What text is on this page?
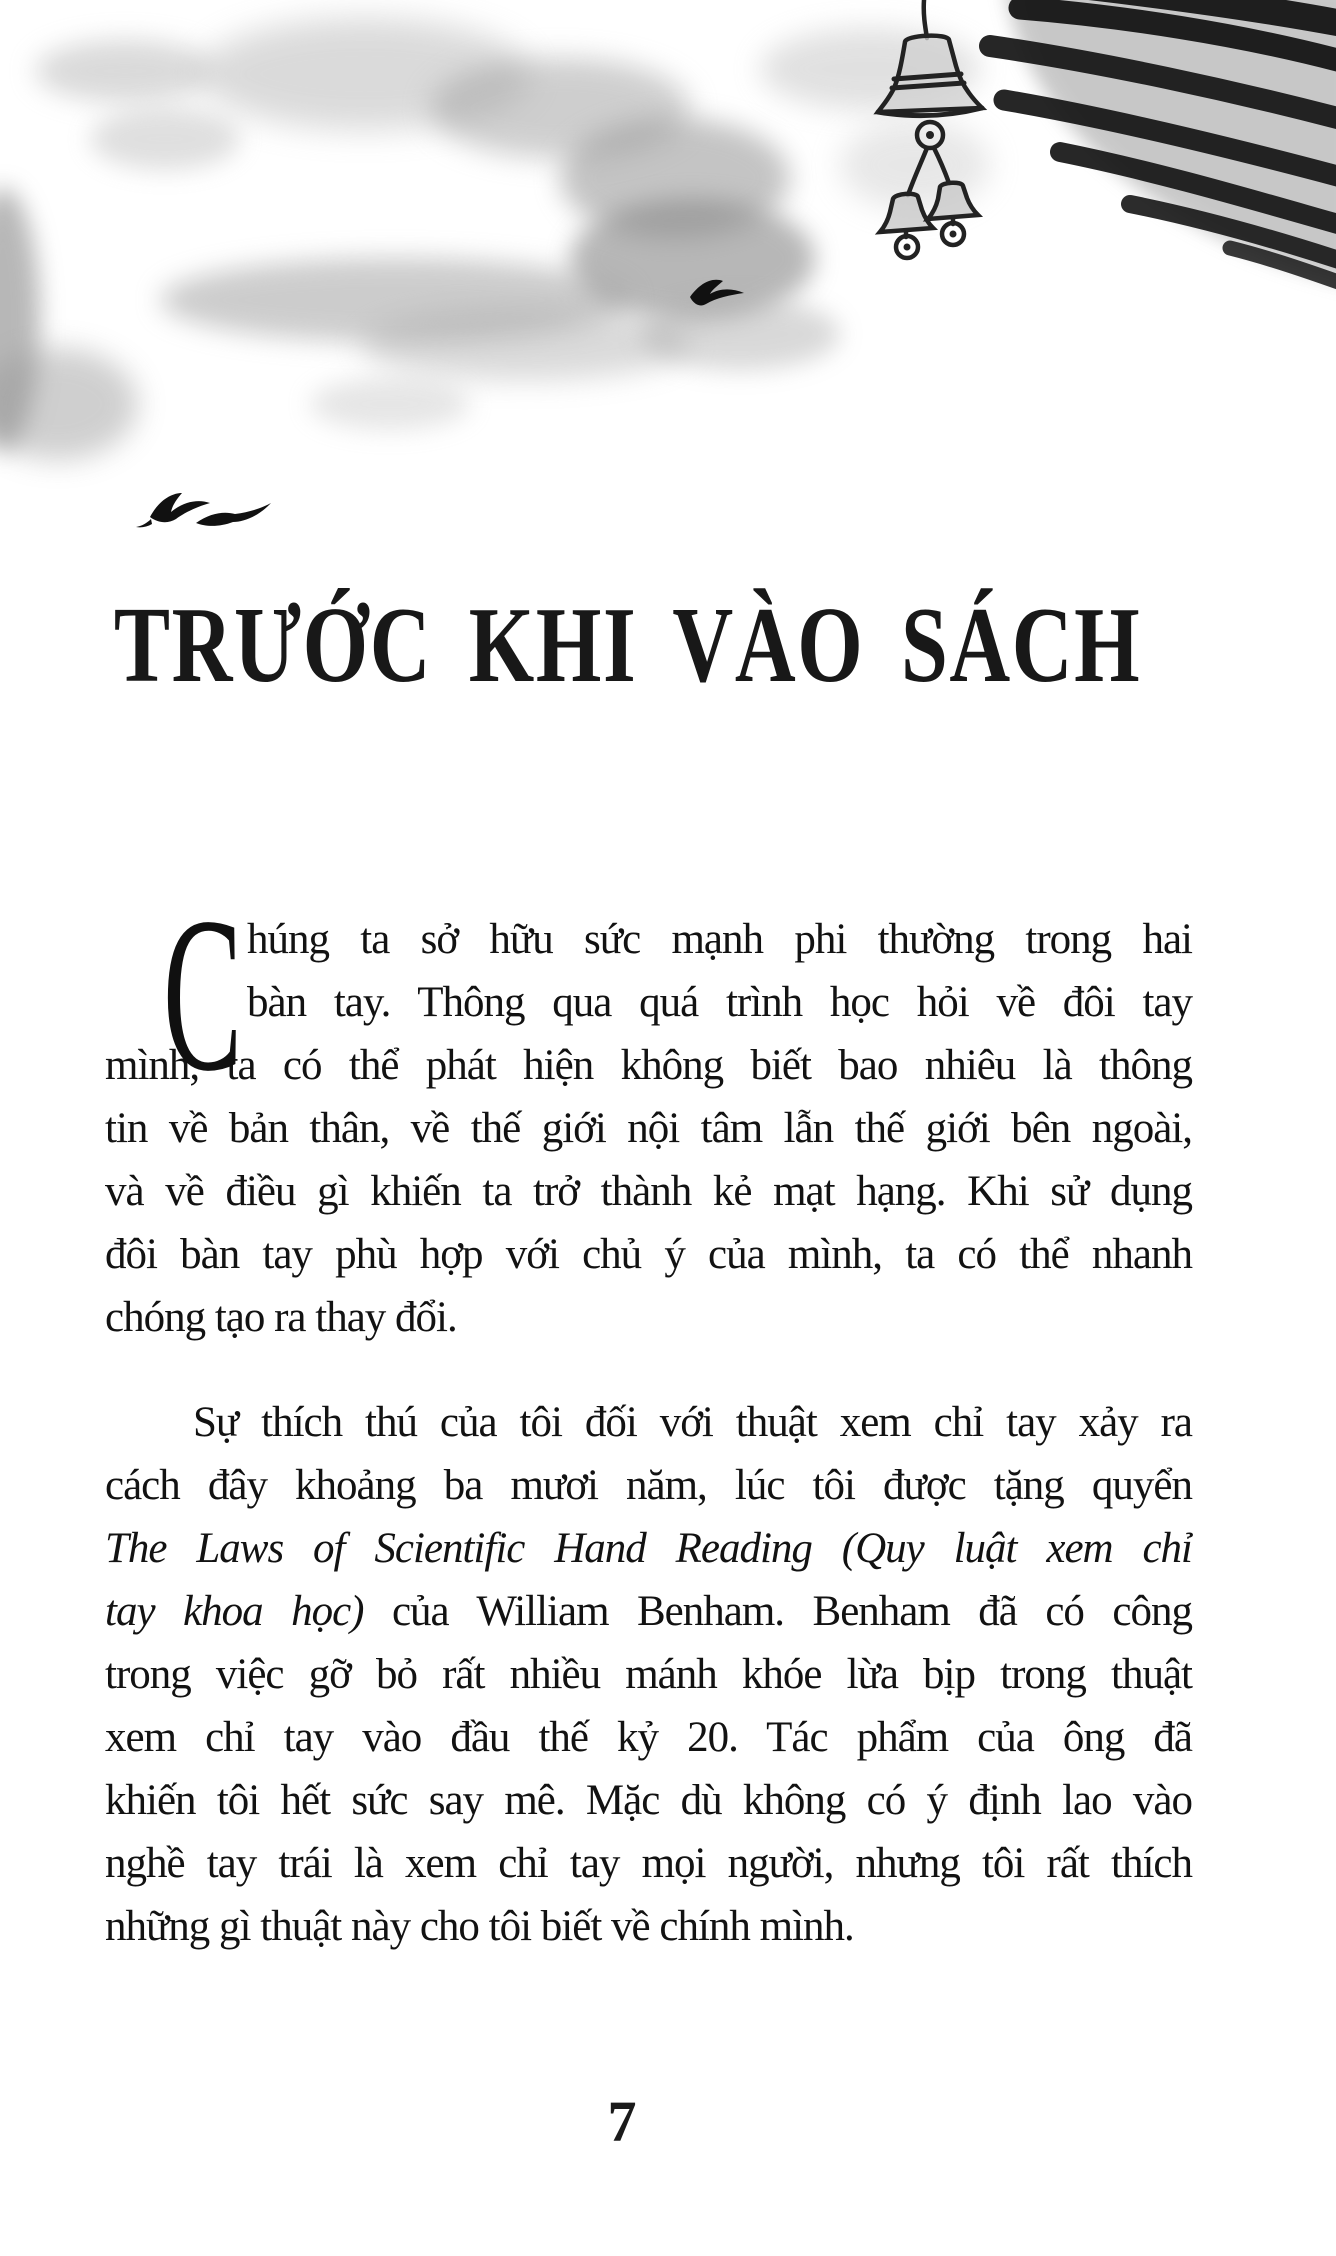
TRƯỚC KHI VÀO SÁCH
C húng ta sở hữu sức mạnh phi thường trong hai
bàn tay. Thông qua quá trình học hỏi về đôi tay
mình, ta có thể phát hiện không biết bao nhiêu là thông
tin về bản thân, về thế giới nội tâm lẫn thế giới bên ngoài,
và về điều gì khiến ta trở thành kẻ mạt hạng. Khi sử dụng
đôi bàn tay phù hợp với chủ ý của mình, ta có thể nhanh
chóng tạo ra thay đổi.
Sự thích thú của tôi đối với thuật xem chỉ tay xảy ra
cách đây khoảng ba mươi năm, lúc tôi được tặng quyển
The Laws of Scientific Hand Reading (Quy luật xem chỉ
tay khoa học) của William Benham. Benham đã có công
trong việc gỡ bỏ rất nhiều mánh khóe lừa bịp trong thuật
xem chỉ tay vào đầu thế kỷ 20. Tác phẩm của ông đã
khiến tôi hết sức say mê. Mặc dù không có ý định lao vào
nghề tay trái là xem chỉ tay mọi người, nhưng tôi rất thích
những gì thuật này cho tôi biết về chính mình.
7
